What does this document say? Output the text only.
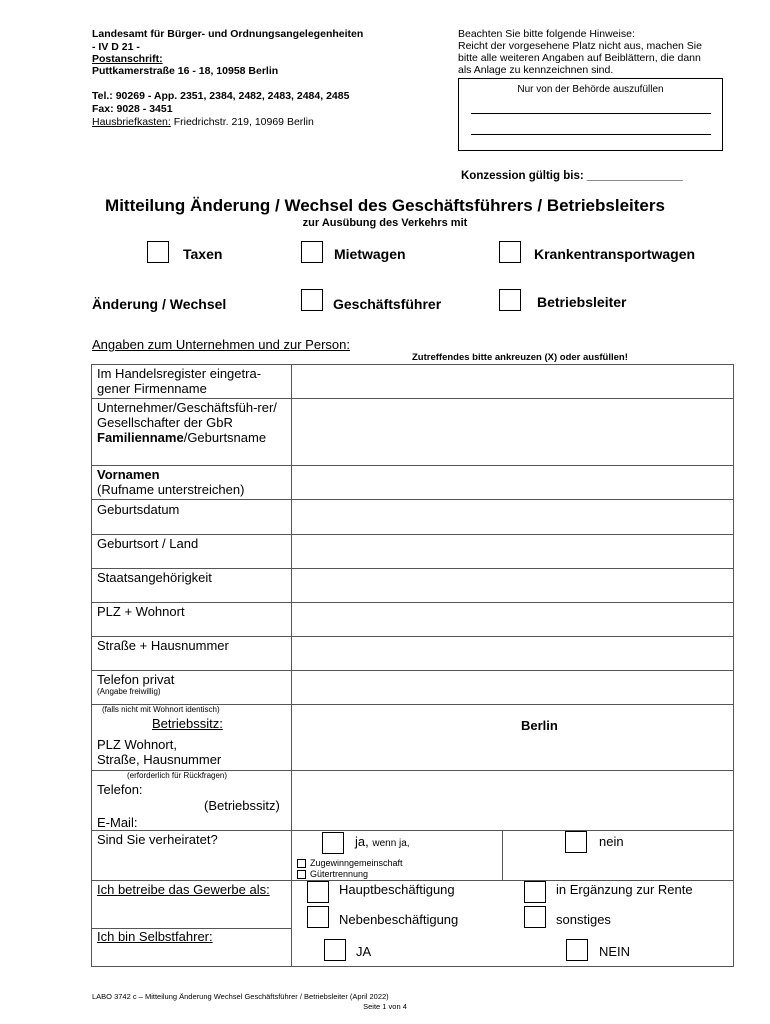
Landesamt für Bürger- und Ordnungsangelegenheiten
- IV D 21 -
Postanschrift:
Puttkamerstraße 16 - 18, 10958 Berlin
Tel.: 90269 - App. 2351, 2384, 2482, 2483, 2484, 2485
Fax: 9028 - 3451
Hausbriefkasten: Friedrichstr. 219, 10969 Berlin
Beachten Sie bitte folgende Hinweise:
Reicht der vorgesehene Platz nicht aus, machen Sie
bitte alle weiteren Angaben auf Beiblättern, die dann
als Anlage zu kennzeichnen sind.
Nur von der Behörde auszufüllen
Konzession gültig bis: _______________
Mitteilung Änderung / Wechsel des Geschäftsführers / Betriebsleiters
zur Ausübung des Verkehrs mit
Taxen	Mietwagen	Krankentransportwagen
Änderung / Wechsel	Geschäftsführer	Betriebsleiter
Angaben zum Unternehmen und zur Person:
Zutreffendes bitte ankreuzen (X) oder ausfüllen!
Im Handelsregister eingetra-gener Firmenname
Unternehmer/Geschäftsfüh-rer/
Gesellschafter der GbR
Familienname/Geburtsname
Vornamen
(Rufname unterstreichen)
Geburtsdatum
Geburtsort / Land
Staatsangehörigkeit
PLZ + Wohnort
Straße + Hausnummer
Telefon privat
(Angabe freiwillig)
(falls nicht mit Wohnort identisch)
Betriebssitz:
PLZ Wohnort,
Straße, Hausnummer
Berlin
(erforderlich für Rückfragen)
Telefon:
(Betriebssitz)
E-Mail:
Sind Sie verheiratet?	ja, wenn ja,	nein
Zugewinngemeinschaft
Gütertrennung
Ich betreibe das Gewerbe als:	Hauptbeschäftigung	in Ergänzung zur Rente
Nebenbeschäftigung	sonstiges
Ich bin Selbstfahrer:
JA	NEIN
LABO 3742 c – Mitteilung Änderung Wechsel Geschäftsführer / Betriebsleiter (April 2022)
Seite 1 von 4
